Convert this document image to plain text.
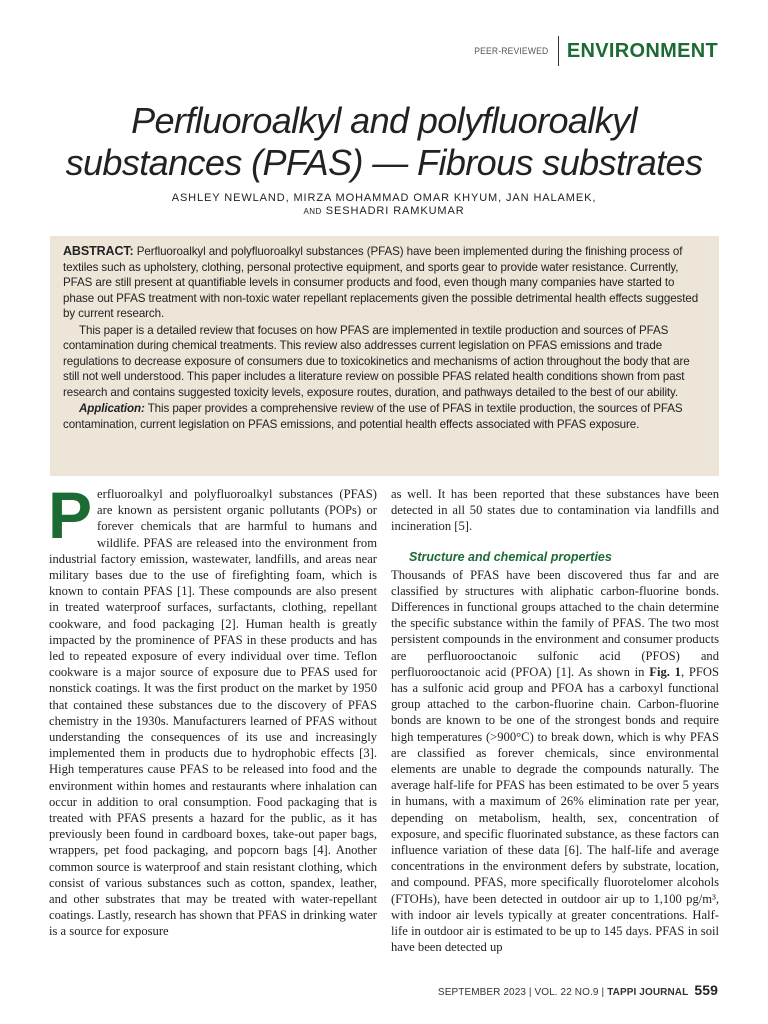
PEER-REVIEWED ENVIRONMENT
Perfluoroalkyl and polyfluoroalkyl
substances (PFAS) — Fibrous substrates
ASHLEY NEWLAND, MIRZA MOHAMMAD OMAR KHYUM, JAN HALAMEK,
AND SESHADRI RAMKUMAR

ABSTRACT: Perfluoroalkyl and polyfluoroalkyl substances (PFAS) have been implemented during the finishing process of textiles such as upholstery, clothing, personal protective equipment, and sports gear to provide water resistance. Currently, PFAS are still present at quantifiable levels in consumer products and food, even though many companies have started to phase out PFAS treatment with non-toxic water repellant replacements given the possible detrimental health effects suggested by current research.

This paper is a detailed review that focuses on how PFAS are implemented in textile production and sources of PFAS contamination during chemical treatments. This review also addresses current legislation on PFAS emissions and trade regulations to decrease exposure of consumers due to toxicokinetics and mechanisms of action throughout the body that are still not well understood. This paper includes a literature review on possible PFAS related health conditions shown from past research and contains suggested toxicity levels, exposure routes, duration, and pathways detailed to the best of our ability.

Application: This paper provides a comprehensive review of the use of PFAS in textile production, the sources of PFAS contamination, current legislation on PFAS emissions, and potential health effects associated with PFAS exposure.

Perfluoroalkyl and polyfluoroalkyl substances (PFAS) are known as persistent organic pollutants (POPs) or forever chemicals that are harmful to humans and wildlife. PFAS are released into the environment from industrial factory emission, wastewater, landfills, and areas near military bases due to the use of firefighting foam, which is known to contain PFAS [1]. These compounds are also present in treated waterproof surfaces, surfactants, clothing, repellant cookware, and food packaging [2]. Human health is greatly impacted by the prominence of PFAS in these products and has led to repeated exposure of every individual over time. Teflon cookware is a major source of exposure due to PFAS used for nonstick coatings. It was the first product on the market by 1950 that contained these substances due to the discovery of PFAS chemistry in the 1930s. Manufacturers learned of PFAS without understanding the consequences of its use and increasingly implemented them in products due to hydrophobic effects [3]. High temperatures cause PFAS to be released into food and the environment within homes and restaurants where inhalation can occur in addition to oral consumption. Food packaging that is treated with PFAS presents a hazard for the public, as it has previously been found in cardboard boxes, take-out paper bags, wrappers, pet food packaging, and popcorn bags [4]. Another common source is waterproof and stain resistant clothing, which consist of various substances such as cotton, spandex, leather, and other substrates that may be treated with water-repellant coatings. Lastly, research has shown that PFAS in drinking water is a source for exposure

as well. It has been reported that these substances have been detected in all 50 states due to contamination via landfills and incineration [5].

Structure and chemical properties

Thousands of PFAS have been discovered thus far and are classified by structures with aliphatic carbon-fluorine bonds. Differences in functional groups attached to the chain determine the specific substance within the family of PFAS. The two most persistent compounds in the environment and consumer products are perfluorooctanoic sulfonic acid (PFOS) and perfluorooctanoic acid (PFOA) [1]. As shown in Fig. 1, PFOS has a sulfonic acid group and PFOA has a carboxyl functional group attached to the carbon-fluorine chain. Carbon-fluorine bonds are known to be one of the strongest bonds and require high temperatures (>900°C) to break down, which is why PFAS are classified as forever chemicals, since environmental elements are unable to degrade the compounds naturally. The average half-life for PFAS has been estimated to be over 5 years in humans, with a maximum of 26% elimination rate per year, depending on metabolism, health, sex, concentration of exposure, and specific fluorinated substance, as these factors can influence variation of these data [6]. The half-life and average concentrations in the environment defers by substrate, location, and compound. PFAS, more specifically fluorotelomer alcohols (FTOHs), have been detected in outdoor air up to 1,100 pg/m³, with indoor air levels typically at greater concentrations. Half-life in outdoor air is estimated to be up to 145 days. PFAS in soil have been detected up

SEPTEMBER 2023 | VOL. 22 NO.9 | TAPPI JOURNAL 559
